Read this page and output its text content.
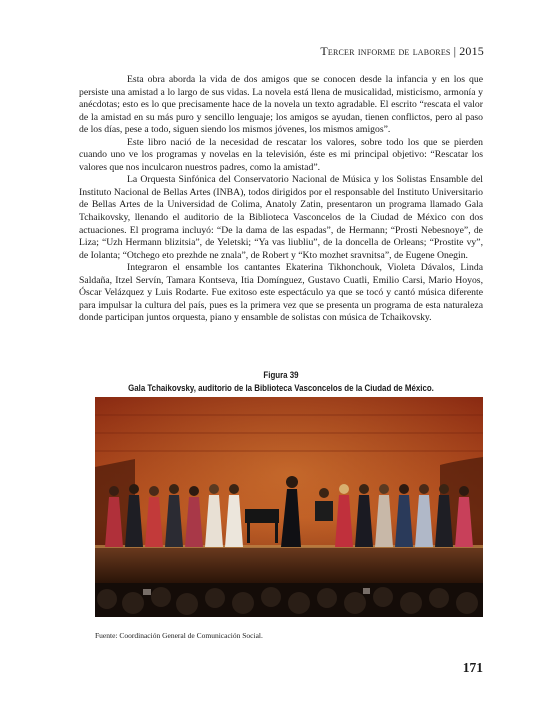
Tercer informe de labores | 2015

Esta obra aborda la vida de dos amigos que se conocen desde la infancia y en los que persiste una amistad a lo largo de sus vidas. La novela está llena de musicalidad, misticismo, armonía y anécdotas; esto es lo que precisamente hace de la novela un texto agradable. El escrito “rescata el valor de la amistad en su más puro y sencillo lenguaje; los amigos se ayudan, tienen conflictos, pero al paso de los días, pese a todo, siguen siendo los mismos jóvenes, los mismos amigos”.

Este libro nació de la necesidad de rescatar los valores, sobre todo los que se pierden cuando uno ve los programas y novelas en la televisión, éste es mi principal objetivo: “Rescatar los valores que nos inculcaron nuestros padres, como la amistad”.

La Orquesta Sinfónica del Conservatorio Nacional de Música y los Solistas Ensamble del Instituto Nacional de Bellas Artes (INBA), todos dirigidos por el responsable del Instituto Universitario de Bellas Artes de la Universidad de Colima, Anatoly Zatin, presentaron un programa llamado Gala Tchaikovsky, llenando el auditorio de la Biblioteca Vasconcelos de la Ciudad de México con dos actuaciones. El programa incluyó: “De la dama de las espadas”, de Hermann; “Prosti Nebesnoye”, de Liza; “Uzh Hermann blizitsia”, de Yeletski; “Ya vas liubliu”, de la doncella de Orleans; “Prostite vy”, de Iolanta; “Otchego eto prezhde ne znala”, de Robert y “Kto mozhet sravnitsa”, de Eugene Onegin.

Integraron el ensamble los cantantes Ekaterina Tikhonchouk, Violeta Dávalos, Linda Saldaña, Itzel Servín, Tamara Kontseva, Itia Domínguez, Gustavo Cuatli, Emilio Carsi, Mario Hoyos, Óscar Velázquez y Luis Rodarte. Fue exitoso este espectáculo ya que se tocó y cantó música diferente para impulsar la cultura del país, pues es la primera vez que se presenta un programa de esta naturaleza donde participan juntos orquesta, piano y ensamble de solistas con música de Tchaikovsky.

Figura 39
Gala Tchaikovsky, auditorio de la Biblioteca Vasconcelos de la Ciudad de México.
Fuente: Coordinación General de Comunicación Social.
171
